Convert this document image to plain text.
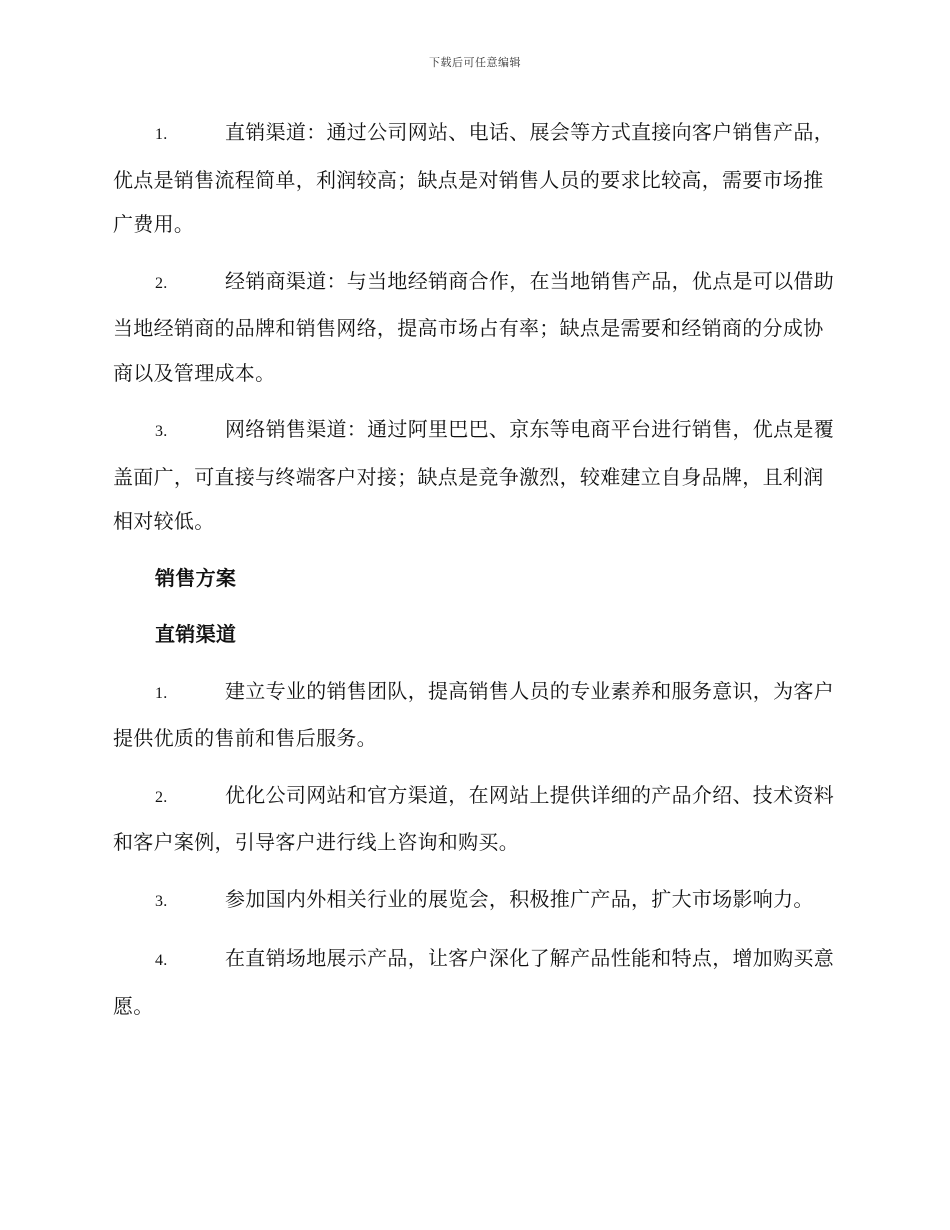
下载后可任意编辑

1.	直销渠道：通过公司网站、电话、展会等方式直接向客户销售产品，优点是销售流程简单，利润较高；缺点是对销售人员的要求比较高，需要市场推广费用。

2.	经销商渠道：与当地经销商合作，在当地销售产品，优点是可以借助当地经销商的品牌和销售网络，提高市场占有率；缺点是需要和经销商的分成协商以及管理成本。

3.	网络销售渠道：通过阿里巴巴、京东等电商平台进行销售，优点是覆盖面广，可直接与终端客户对接；缺点是竞争激烈，较难建立自身品牌，且利润相对较低。

销售方案

直销渠道

1.	建立专业的销售团队，提高销售人员的专业素养和服务意识，为客户提供优质的售前和售后服务。

2.	优化公司网站和官方渠道，在网站上提供详细的产品介绍、技术资料和客户案例，引导客户进行线上咨询和购买。

3.	参加国内外相关行业的展览会，积极推广产品，扩大市场影响力。

4.	在直销场地展示产品，让客户深化了解产品性能和特点，增加购买意愿。
